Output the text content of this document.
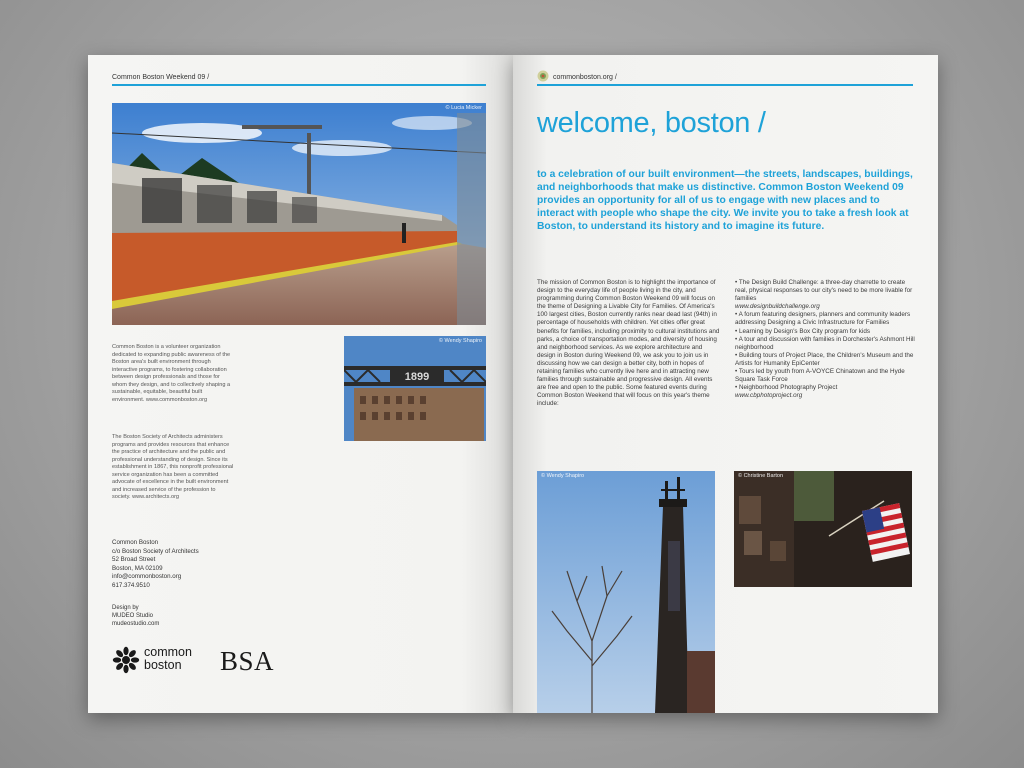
Common Boston Weekend 09 /
© Lucia Micker
1899
© Wendy Shapiro

Common Boston is a volunteer organization dedicated to expanding public awareness of the Boston area's built environment through interactive programs, to fostering collaboration between design professionals and those for whom they design, and to collectively shaping a sustainable, equitable, beautiful built environment. www.commonboston.org

The Boston Society of Architects administers programs and provides resources that enhance the practice of architecture and the public and professional understanding of design. Since its establishment in 1867, this nonprofit professional service organization has been a committed advocate of excellence in the built environment and increased service of the profession to society. www.architects.org

Common Boston
c/o Boston Society of Architects
52 Broad Street
Boston, MA 02109
info@commonboston.org
617.374.9510
Design by
MUDEO Studio
mudeostudio.com
common
boston	BSA
commonboston.org /
welcome, boston /

to a celebration of our built environment—the streets, landscapes, buildings, and neighborhoods that make us distinctive. Common Boston Weekend 09 provides an opportunity for all of us to engage with new places and to interact with people who shape the city. We invite you to take a fresh look at Boston, to understand its history and to imagine its future.

The mission of Common Boston is to highlight the importance of design to the everyday life of people living in the city, and programming during Common Boston Weekend 09 will focus on the theme of Designing a Livable City for Families. Of America's 100 largest cities, Boston currently ranks near dead last (94th) in percentage of households with children. Yet cities offer great benefits for families, including proximity to cultural institutions and parks, a choice of transportation modes, and diversity of housing and neighborhood services. As we explore architecture and design in Boston during Weekend 09, we ask you to join us in discussing how we can design a better city, both in hopes of retaining families who currently live here and in attracting new families through sustainable and progressive design. All events are free and open to the public. Some featured events during Common Boston Weekend that will focus on this year's theme include:

• The Design Build Challenge: a three-day charrette to create real, physical responses to our city's need to be more livable for families
www.designbuildchallenge.org
• A forum featuring designers, planners and community leaders addressing Designing a Civic Infrastructure for Families
• Learning by Design's Box City program for kids
• A tour and discussion with families in Dorchester's Ashmont Hill neighborhood
• Building tours of Project Place, the Children's Museum and the Artists for Humanity EpiCenter
• Tours led by youth from A-VOYCE Chinatown and the Hyde Square Task Force
• Neighborhood Photography Project
www.cbphotoproject.org
© Wendy Shapiro	© Christine Barton
